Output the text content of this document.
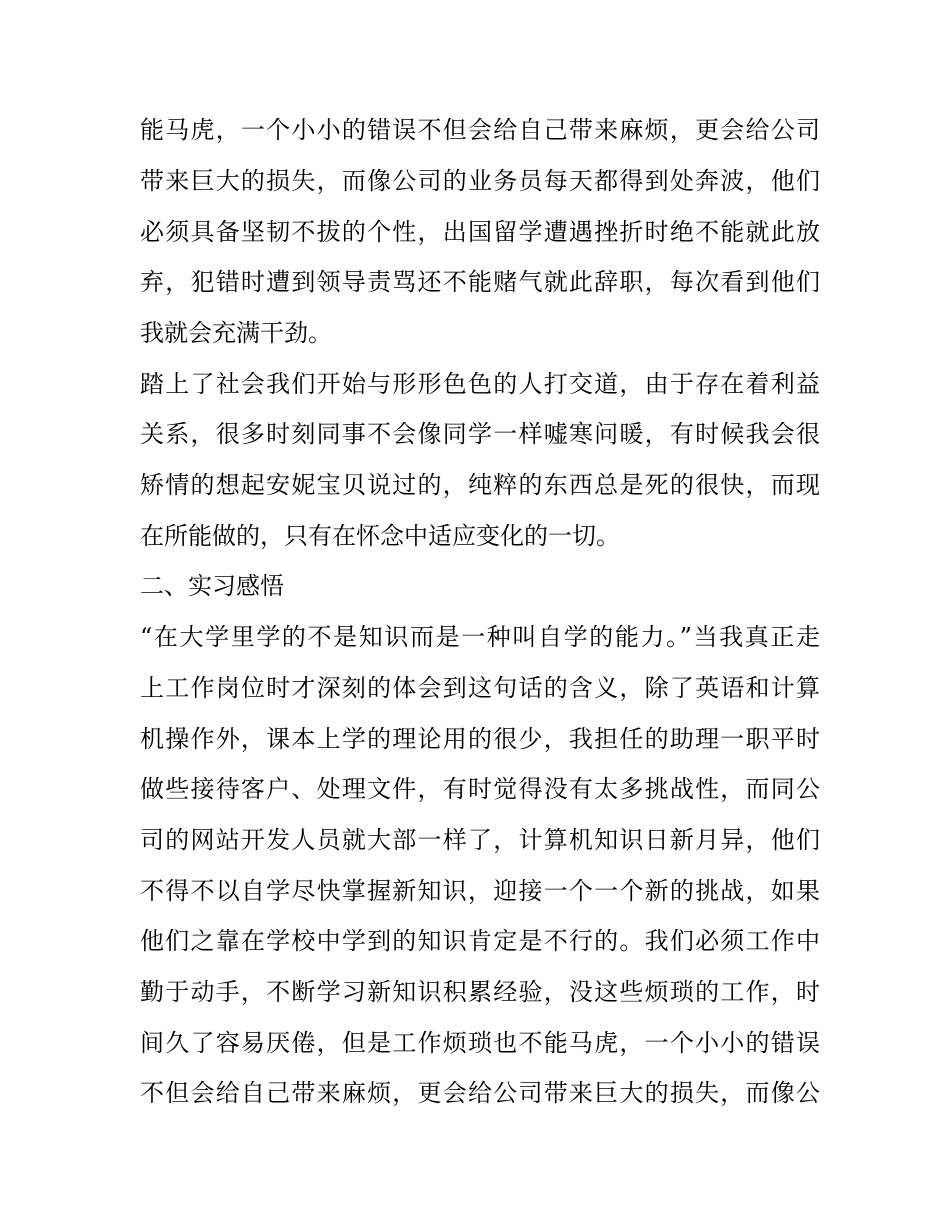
能马虎，一个小小的错误不但会给自己带来麻烦，更会给公司
带来巨大的损失，而像公司的业务员每天都得到处奔波，他们
必须具备坚韧不拔的个性，出国留学遭遇挫折时绝不能就此放
弃，犯错时遭到领导责骂还不能赌气就此辞职，每次看到他们
我就会充满干劲。
踏上了社会我们开始与形形色色的人打交道，由于存在着利益
关系，很多时刻同事不会像同学一样嘘寒问暖，有时候我会很
矫情的想起安妮宝贝说过的，纯粹的东西总是死的很快，而现
在所能做的，只有在怀念中适应变化的一切。
二、实习感悟
“在大学里学的不是知识而是一种叫自学的能力。”当我真正走
上工作岗位时才深刻的体会到这句话的含义，除了英语和计算
机操作外，课本上学的理论用的很少，我担任的助理一职平时
做些接待客户、处理文件，有时觉得没有太多挑战性，而同公
司的网站开发人员就大部一样了，计算机知识日新月异，他们
不得不以自学尽快掌握新知识，迎接一个一个新的挑战，如果
他们之靠在学校中学到的知识肯定是不行的。我们必须工作中
勤于动手，不断学习新知识积累经验，没这些烦琐的工作，时
间久了容易厌倦，但是工作烦琐也不能马虎，一个小小的错误
不但会给自己带来麻烦，更会给公司带来巨大的损失，而像公
